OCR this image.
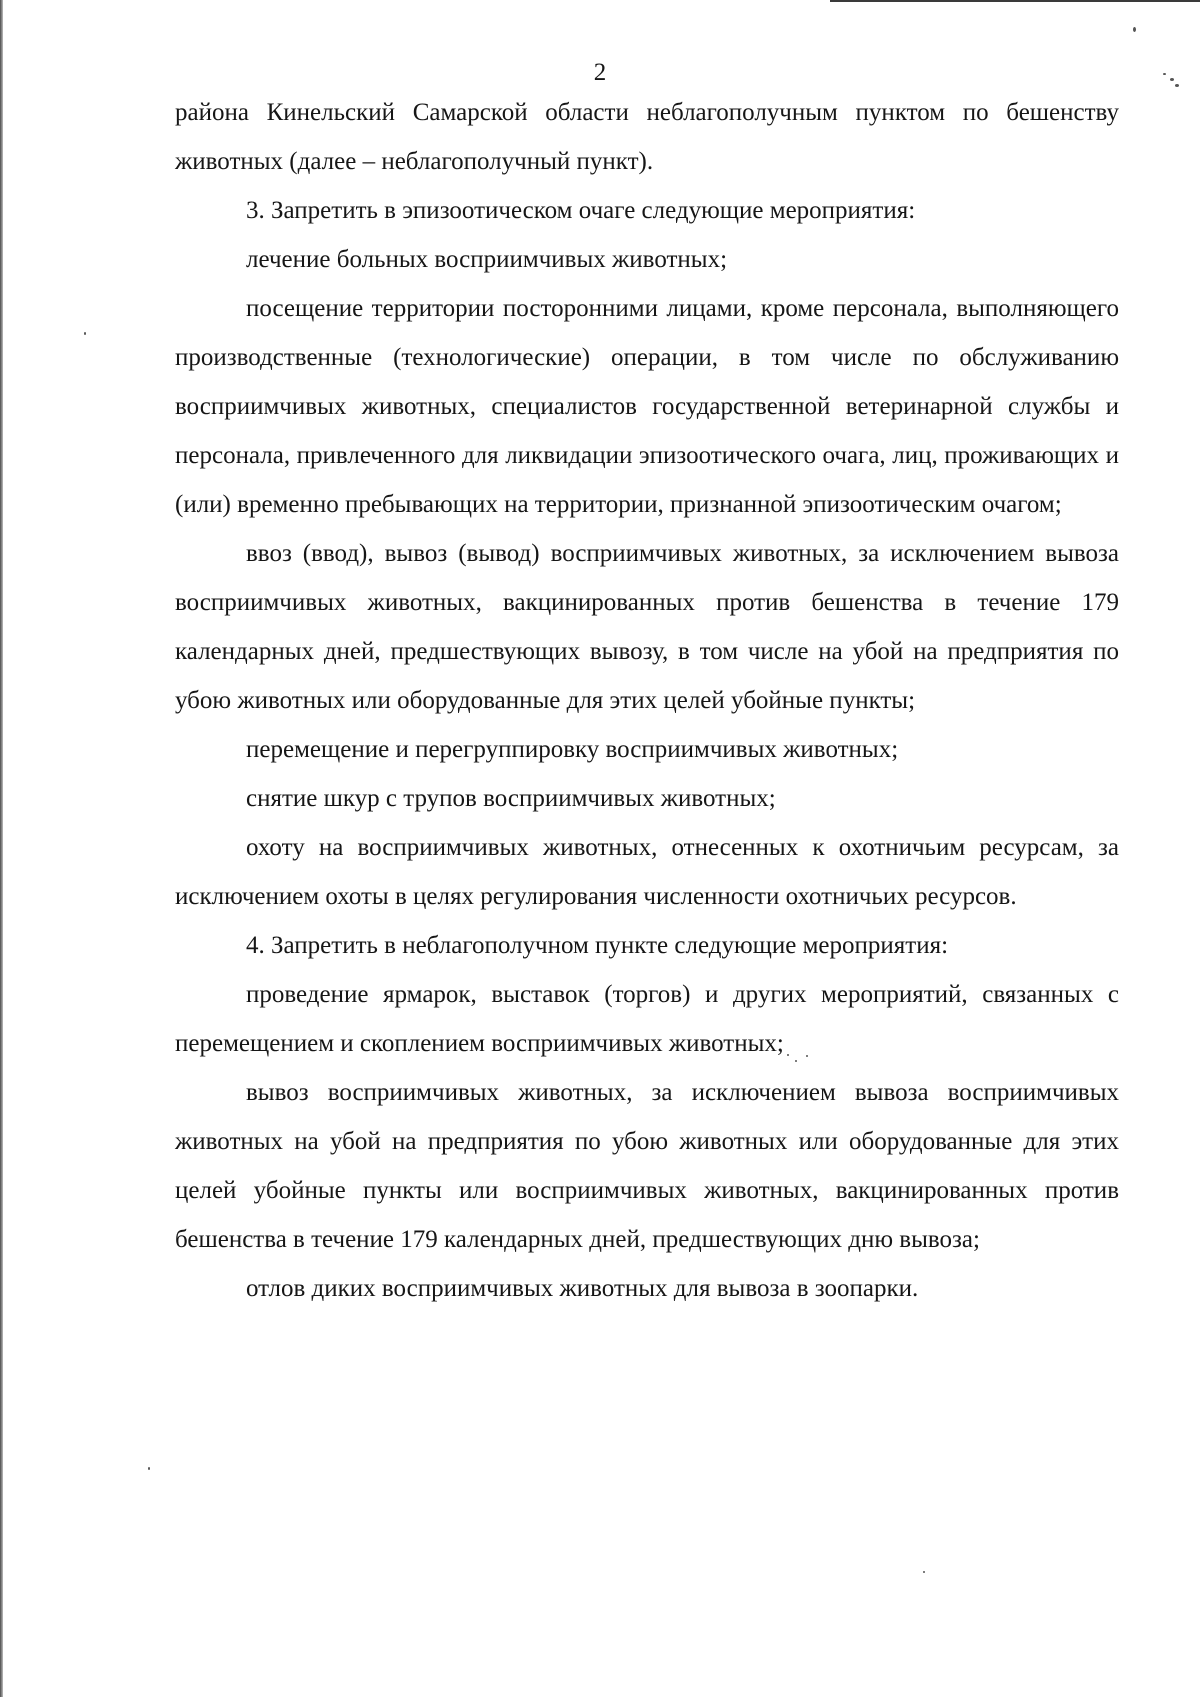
2

района Кинельский Самарской области неблагополучным пунктом по бешенству животных (далее – неблагополучный пункт).

3. Запретить в эпизоотическом очаге следующие мероприятия:

лечение больных восприимчивых животных;

посещение территории посторонними лицами, кроме персонала, выполняющего производственные (технологические) операции, в том числе по обслуживанию восприимчивых животных, специалистов государственной ветеринарной службы и персонала, привлеченного для ликвидации эпизоотического очага, лиц, проживающих и (или) временно пребывающих на территории, признанной эпизоотическим очагом;

ввоз (ввод), вывоз (вывод) восприимчивых животных, за исключением вывоза восприимчивых животных, вакцинированных против бешенства в течение 179 календарных дней, предшествующих вывозу, в том числе на убой на предприятия по убою животных или оборудованные для этих целей убойные пункты;

перемещение и перегруппировку восприимчивых животных;

снятие шкур с трупов восприимчивых животных;

охоту на восприимчивых животных, отнесенных к охотничьим ресурсам, за исключением охоты в целях регулирования численности охотничьих ресурсов.

4. Запретить в неблагополучном пункте следующие мероприятия:

проведение ярмарок, выставок (торгов) и других мероприятий, связанных с перемещением и скоплением восприимчивых животных;

вывоз восприимчивых животных, за исключением вывоза восприимчивых животных на убой на предприятия по убою животных или оборудованные для этих целей убойные пункты или восприимчивых животных, вакцинированных против бешенства в течение 179 календарных дней, предшествующих дню вывоза;

отлов диких восприимчивых животных для вывоза в зоопарки.
